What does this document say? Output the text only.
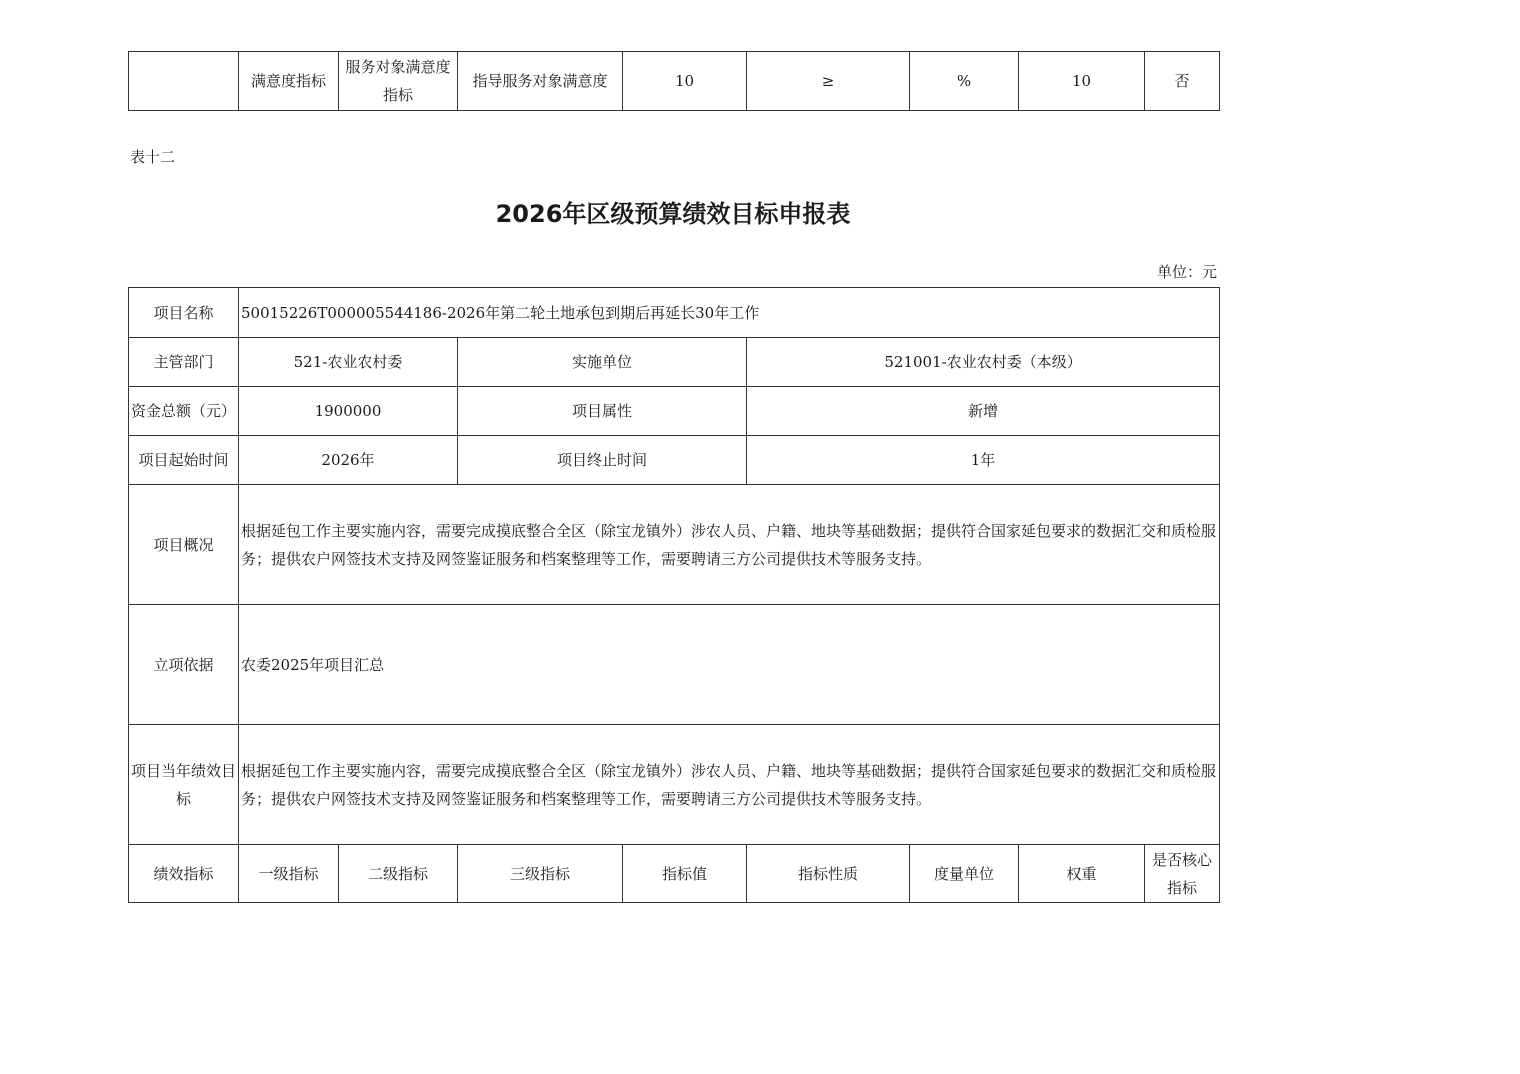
	满意度指标	服务对象满意度指标	指导服务对象满意度	10	≥	%	10	否
表十二
2026年区级预算绩效目标申报表
单位：元
项目名称	50015226T000005544186-2026年第二轮土地承包到期后再延长30年工作							
主管部门	521-农业农村委		实施单位		521001-农业农村委（本级）			
资金总额（元）	1900000		项目属性		新增			
项目起始时间	2026年		项目终止时间		1年			
项目概况	根据延包工作主要实施内容，需要完成摸底整合全区（除宝龙镇外）涉农人员、户籍、地块等基础数据；提供符合国家延包要求的数据汇交和质检服务；提供农户网签技术支持及网签鉴证服务和档案整理等工作，需要聘请三方公司提供技术等服务支持。							
立项依据	农委2025年项目汇总							
项目当年绩效目标	根据延包工作主要实施内容，需要完成摸底整合全区（除宝龙镇外）涉农人员、户籍、地块等基础数据；提供符合国家延包要求的数据汇交和质检服务；提供农户网签技术支持及网签鉴证服务和档案整理等工作，需要聘请三方公司提供技术等服务支持。							
绩效指标	一级指标	二级指标	三级指标	指标值	指标性质	度量单位	权重	是否核心指标
